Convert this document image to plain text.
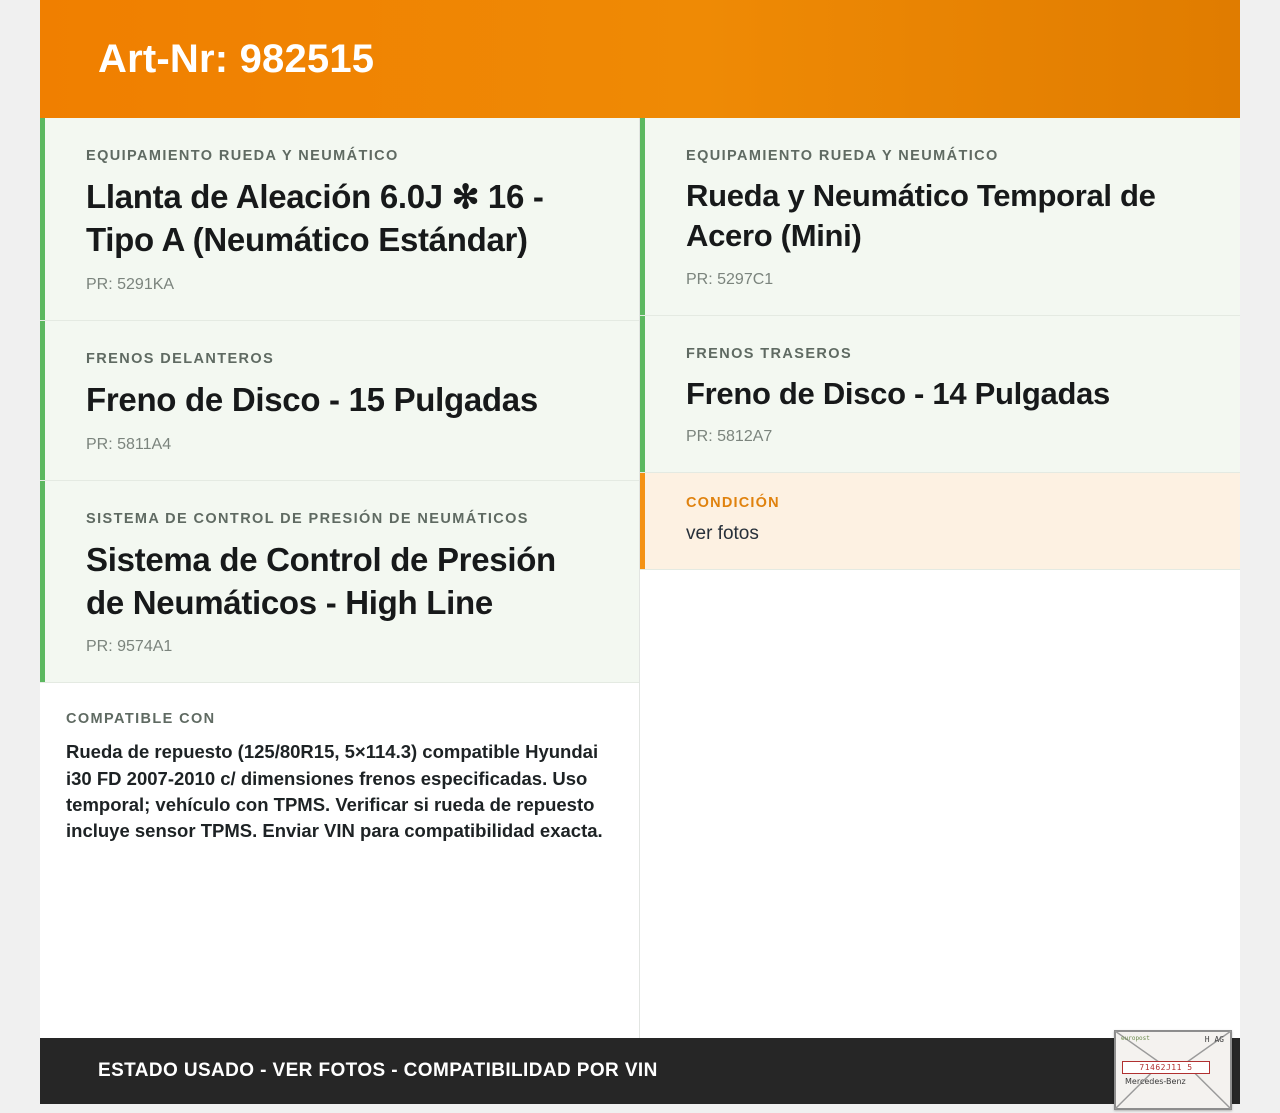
Art-Nr: 982515
EQUIPAMIENTO RUEDA Y NEUMÁTICO
Llanta de Aleación 6.0J ✻ 16 - Tipo A (Neumático Estándar)
PR: 5291KA
FRENOS DELANTEROS
Freno de Disco - 15 Pulgadas
PR: 5811A4
SISTEMA DE CONTROL DE PRESIÓN DE NEUMÁTICOS
Sistema de Control de Presión de Neumáticos - High Line
PR: 9574A1
COMPATIBLE CON
Rueda de repuesto (125/80R15, 5×114.3) compatible Hyundai i30 FD 2007-2010 c/ dimensiones frenos especificadas. Uso temporal; vehículo con TPMS. Verificar si rueda de repuesto incluye sensor TPMS. Enviar VIN para compatibilidad exacta.
EQUIPAMIENTO RUEDA Y NEUMÁTICO
Rueda y Neumático Temporal de Acero (Mini)
PR: 5297C1
FRENOS TRASEROS
Freno de Disco - 14 Pulgadas
PR: 5812A7
CONDICIÓN
ver fotos
ESTADO USADO - VER FOTOS - COMPATIBILIDAD POR VIN
europost	H AG
71462J11 5
Mercedes-Benz
